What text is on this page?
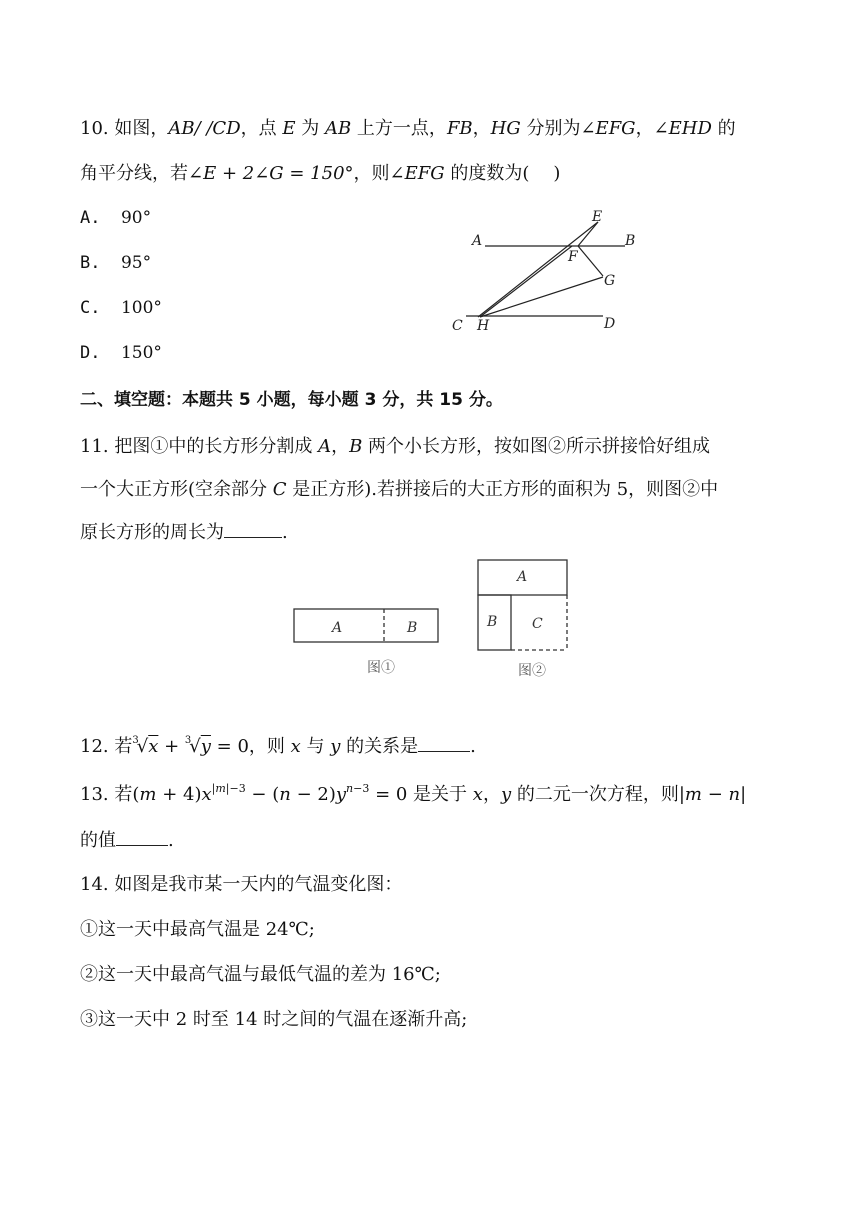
10. 如图，AB/ /CD，点 E 为 AB 上方一点，FB，HG 分别为∠EFG，∠EHD 的
角平分线，若∠E + 2∠G = 150°，则∠EFG 的度数为( )
A. 90°
B. 95°
C. 100°
D. 150°
A	B
E
F
G
C H	D
二、填空题：本题共 5 小题，每小题 3 分，共 15 分。
11. 把图①中的长方形分割成 A，B 两个小长方形，按如图②所示拼接恰好组成
一个大正方形(空余部分 C 是正方形).若拼接后的大正方形的面积为 5，则图②中
原长方形的周长为	.
A	B
A
B C
图①	图②
12. 若$^3$√x + $^3$√y = 0，则 x 与 y 的关系是	.
13. 若$(m + 4)x^{|m|-3} - (n - 2)y^{n-3} = 0$ 是关于 x，y 的二元一次方程，则|m − n|
的值	.
14. 如图是我市某一天内的气温变化图：
①这一天中最高气温是 24℃;
②这一天中最高气温与最低气温的差为 16℃;
③这一天中 2 时至 14 时之间的气温在逐渐升高;
